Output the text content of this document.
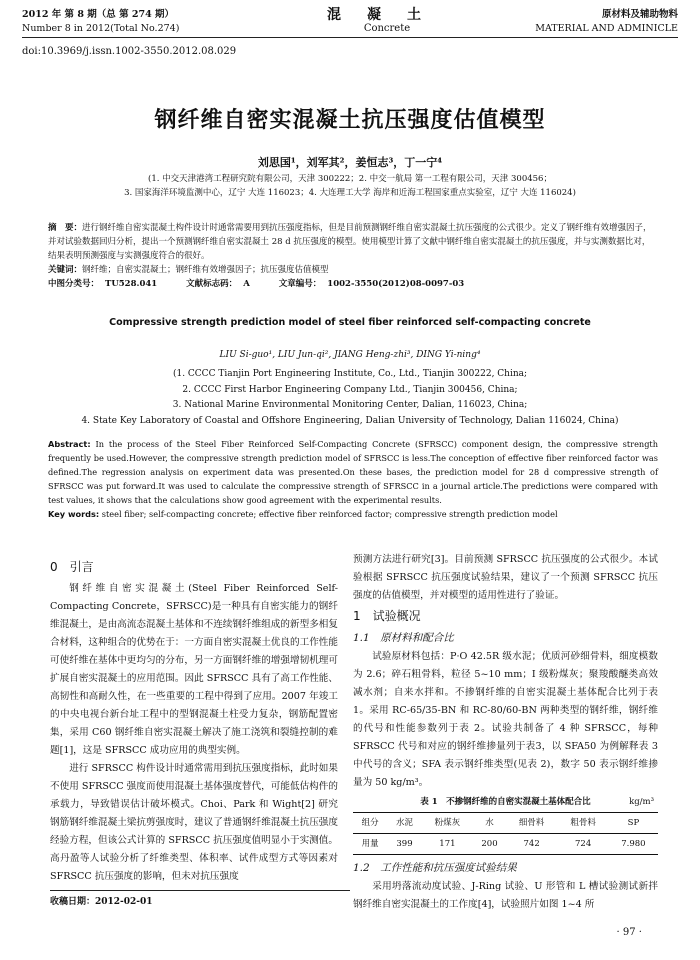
2012 年 第 8 期（总 第 274 期）
Number 8 in 2012(Total No.274)
混凝土
Concrete
原材料及辅助物料
MATERIAL AND ADMINICLE
doi:10.3969/j.issn.1002-3550.2012.08.029
钢纤维自密实混凝土抗压强度估值模型
刘思国¹，刘军其²，姜恒志³，丁一宁⁴
(1. 中交天津港湾工程研究院有限公司，天津 300222；2. 中交一航局 第一工程有限公司，天津 300456；
3. 国家海洋环境监测中心，辽宁 大连 116023；4. 大连理工大学 海岸和近海工程国家重点实验室，辽宁 大连 116024)
摘　要：进行钢纤维自密实混凝土构件设计时通常需要用到抗压强度指标，但是目前预测钢纤维自密实混凝土抗压强度的公式很少。定义了钢纤维有效增强因子，并对试验数据回归分析，提出一个预测钢纤维自密实混凝土 28 d 抗压强度的模型。使用模型计算了文献中钢纤维自密实混凝土的抗压强度，并与实测数据比对，结果表明预测强度与实测强度符合的很好。
关键词：钢纤维；自密实混凝土；钢纤维有效增强因子；抗压强度估值模型
中图分类号： TU528.041	文献标志码： A	文章编号： 1002-3550(2012)08-0097-03
Compressive strength prediction model of steel fiber reinforced self-compacting concrete
LIU Si-guo¹, LIU Jun-qi², JIANG Heng-zhi³, DING Yi-ning⁴
(1. CCCC Tianjin Port Engineering Institute, Co., Ltd., Tianjin 300222, China;
2. CCCC First Harbor Engineering Company Ltd., Tianjin 300456, China;
3. National Marine Environmental Monitoring Center, Dalian, 116023, China;
4. State Key Laboratory of Coastal and Offshore Engineering, Dalian University of Technology, Dalian 116024, China)
Abstract: In the process of the Steel Fiber Reinforced Self-Compacting Concrete (SFRSCC) component design, the compressive strength frequently be used.However, the compressive strength prediction model of SFRSCC is less.The conception of effective fiber reinforced factor was defined.The regression analysis on experiment data was presented.On these bases, the prediction model for 28 d compressive strength of SFRSCC was put forward.It was used to calculate the compressive strength of SFRSCC in a journal article.The predictions were compared with test values, it shows that the calculations show good agreement with the experimental results.
Key words: steel fiber; self-compacting concrete; effective fiber reinforced factor; compressive strength prediction model
0　引言

钢纤维自密实混凝土(Steel Fiber Reinforced Self-Compacting Concrete，SFRSCC)是一种具有自密实能力的钢纤维混凝土，是由高流态混凝土基体和不连续钢纤维组成的新型多相复合材料，这种组合的优势在于：一方面自密实混凝土优良的工作性能可使纤维在基体中更均匀的分布，另一方面钢纤维的增强增韧机理可扩展自密实混凝土的应用范围。因此 SFRSCC 具有了高工作性能、高韧性和高耐久性，在一些重要的工程中得到了应用。2007 年竣工的中央电视台新台址工程中的型钢混凝土柱受力复杂，钢筋配置密集，采用 C60 钢纤维自密实混凝土解决了施工浇筑和裂缝控制的难题[1]，这是 SFRSCC 成功应用的典型实例。

进行 SFRSCC 构件设计时通常需用到抗压强度指标，此时如果不使用 SFRSCC 强度而使用混凝土基体强度替代，可能低估构件的承载力，导致错误估计破坏模式。Choi、Park 和 Wight[2] 研究钢筋钢纤维混凝土梁抗剪强度时，建议了普通钢纤维混凝土抗压强度经验方程，但该公式计算的 SFRSCC 抗压强度值明显小于实测值。高丹盈等人试验分析了纤维类型、体积率、试件成型方式等因素对 SFRSCC 抗压强度的影响，但未对抗压强度

收稿日期：2012-02-01

预测方法进行研究[3]。目前预测 SFRSCC 抗压强度的公式很少。本试验根据 SFRSCC 抗压强度试验结果，建议了一个预测 SFRSCC 抗压强度的估值模型，并对模型的适用性进行了验证。

1　试验概况
1.1　原材料和配合比

试验原材料包括：P·O 42.5R 级水泥；优质河砂细骨料，细度模数为 2.6；碎石粗骨料，粒径 5~10 mm；I 级粉煤灰；聚羧酸醚类高效减水剂；自来水拌和。不掺钢纤维的自密实混凝土基体配合比列于表 1。采用 RC-65/35-BN 和 RC-80/60-BN 两种类型的钢纤维，钢纤维的代号和性能参数列于表 2。试验共制备了 4 种 SFRSCC，每种 SFRSCC 代号和对应的钢纤维掺量列于表3，以 SFA50 为例解释表 3 中代号的含义；SFA 表示钢纤维类型(见表 2)，数字 50 表示钢纤维掺量为 50 kg/m³。

表 1　不掺钢纤维的自密实混凝土基体配合比	kg/m³
组分	水泥	粉煤灰	水	细骨料	粗骨料	SP
用量	399	171	200	742	724	7.980
1.2　工作性能和抗压强度试验结果

采用坍落流动度试验、J-Ring 试验、U 形管和 L 槽试验测试新拌钢纤维自密实混凝土的工作度[4]，试验照片如图 1~4 所

· 97 ·
